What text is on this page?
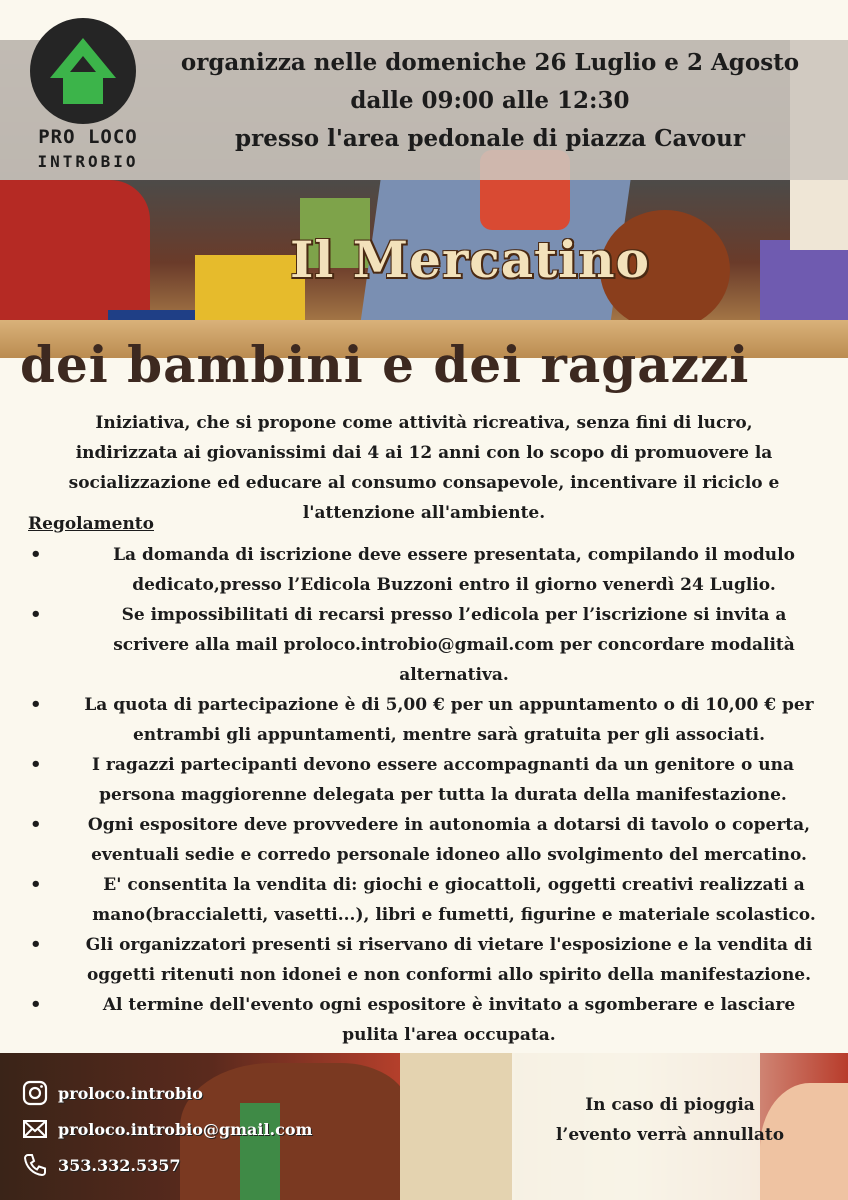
PRO LOCO
INTROBIO
organizza nelle domeniche 26 Luglio e 2 Agosto
dalle 09:00 alle 12:30
presso l'area pedonale di piazza Cavour
Il Mercatino
dei bambini e dei ragazzi
Iniziativa, che si propone come attività ricreativa, senza fini di lucro, indirizzata ai giovanissimi dai 4 ai 12 anni con lo scopo di promuovere la socializzazione ed educare al consumo consapevole, incentivare il riciclo e l'attenzione all'ambiente.
Regolamento
•	La domanda di iscrizione deve essere presentata, compilando il modulo dedicato,presso l’Edicola Buzzoni entro il giorno venerdì 24 Luglio.
•	Se impossibilitati di recarsi presso l’edicola per l’iscrizione si invita a scrivere alla mail proloco.introbio@gmail.com per concordare modalità alternativa.
•	La quota di partecipazione è di 5,00 € per un appuntamento o di 10,00 € per entrambi gli appuntamenti, mentre sarà gratuita per gli associati.
•	I ragazzi partecipanti devono essere accompagnanti da un genitore o una persona maggiorenne delegata per tutta la durata della manifestazione.
•	Ogni espositore deve provvedere in autonomia a dotarsi di tavolo o coperta, eventuali sedie e corredo personale idoneo allo svolgimento del mercatino.
•	E' consentita la vendita di: giochi e giocattoli, oggetti creativi realizzati a mano(braccialetti, vasetti...), libri e fumetti, figurine e materiale scolastico.
•	Gli organizzatori presenti si riservano di vietare l'esposizione e la vendita di oggetti ritenuti non idonei e non conformi allo spirito della manifestazione.
•	Al termine dell'evento ogni espositore è invitato a sgomberare e lasciare pulita l'area occupata.
proloco.introbio
proloco.introbio@gmail.com
353.332.5357
In caso di pioggia
l’evento verrà annullato
